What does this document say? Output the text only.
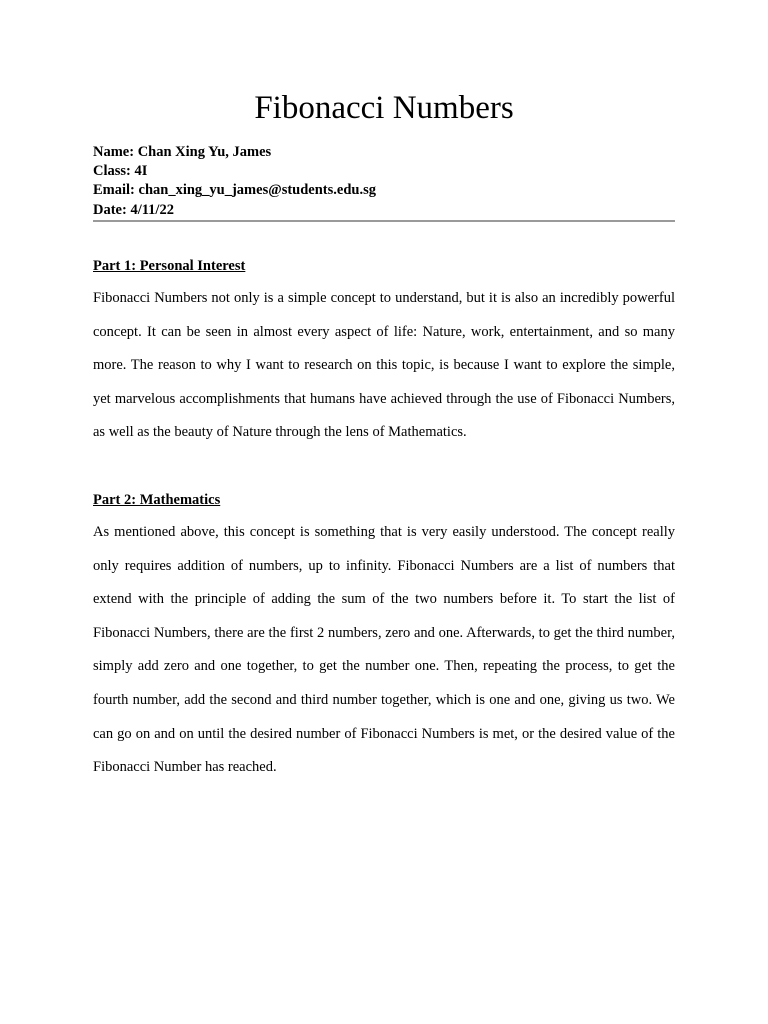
Fibonacci Numbers
Name: Chan Xing Yu, James
Class: 4I
Email: chan_xing_yu_james@students.edu.sg
Date: 4/11/22
Part 1: Personal Interest

Fibonacci Numbers not only is a simple concept to understand, but it is also an incredibly powerful concept. It can be seen in almost every aspect of life: Nature, work, entertainment, and so many more. The reason to why I want to research on this topic, is because I want to explore the simple, yet marvelous accomplishments that humans have achieved through the use of Fibonacci Numbers, as well as the beauty of Nature through the lens of Mathematics.

Part 2: Mathematics

As mentioned above, this concept is something that is very easily understood. The concept really only requires addition of numbers, up to infinity. Fibonacci Numbers are a list of numbers that extend with the principle of adding the sum of the two numbers before it. To start the list of Fibonacci Numbers, there are the first 2 numbers, zero and one. Afterwards, to get the third number, simply add zero and one together, to get the number one. Then, repeating the process, to get the fourth number, add the second and third number together, which is one and one, giving us two. We can go on and on until the desired number of Fibonacci Numbers is met, or the desired value of the Fibonacci Number has reached.
